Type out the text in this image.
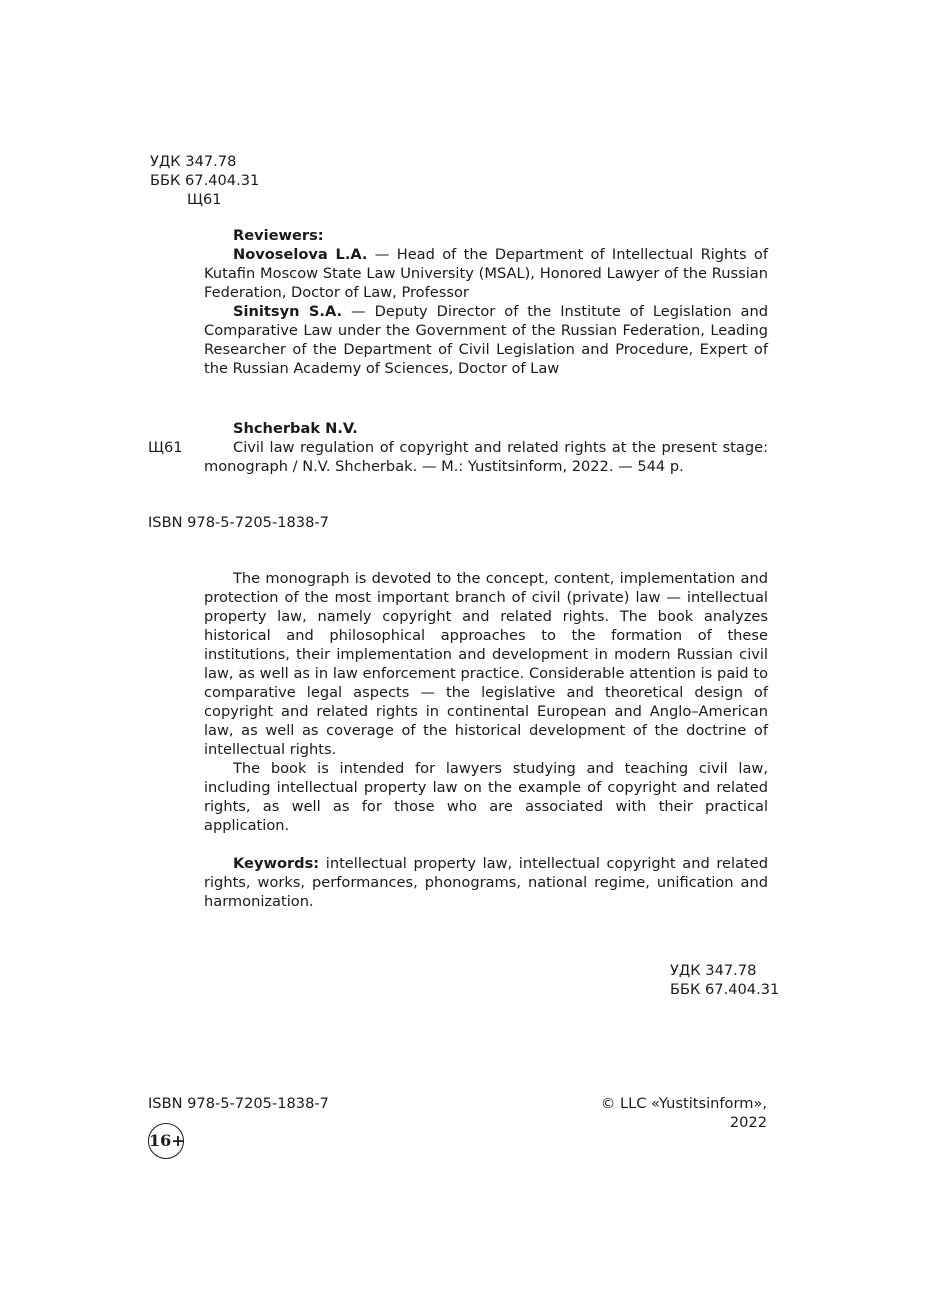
УДК 347.78
ББК 67.404.31
Щ61

Reviewers:

Novoselova L.A. — Head of the Department of Intellectual Rights of Kutafin Moscow State Law University (MSAL), Honored Lawyer of the Russian Federation, Doctor of Law, Professor

Sinitsyn S.A. — Deputy Director of the Institute of Legislation and Comparative Law under the Government of the Russian Federation, Leading Researcher of the Department of Civil Legislation and Procedure, Expert of the Russian Academy of Sciences, Doctor of Law

Shcherbak N.V.

Civil law regulation of copyright and related rights at the present stage: monograph / N.V. Shcherbak. — M.: Yustitsinform, 2022. — 544 p.

Щ61
ISBN 978-5-7205-1838-7

The monograph is devoted to the concept, content, implementation and protection of the most important branch of civil (private) law — intellectual property law, namely copyright and related rights. The book analyzes historical and philosophical approaches to the formation of these institutions, their implementation and development in modern Russian civil law, as well as in law enforcement practice. Considerable attention is paid to comparative legal aspects — the legislative and theoretical design of copyright and related rights in continental European and Anglo–American law, as well as coverage of the historical development of the doctrine of intellectual rights.

The book is intended for lawyers studying and teaching civil law, including intellectual property law on the example of copyright and related rights, as well as for those who are associated with their practical application.

Keywords: intellectual property law, intellectual copyright and related rights, works, performances, phonograms, national regime, unification and harmonization.

УДК 347.78
ББК 67.404.31
ISBN 978-5-7205-1838-7	© LLC «Yustitsinform», 2022
16+
